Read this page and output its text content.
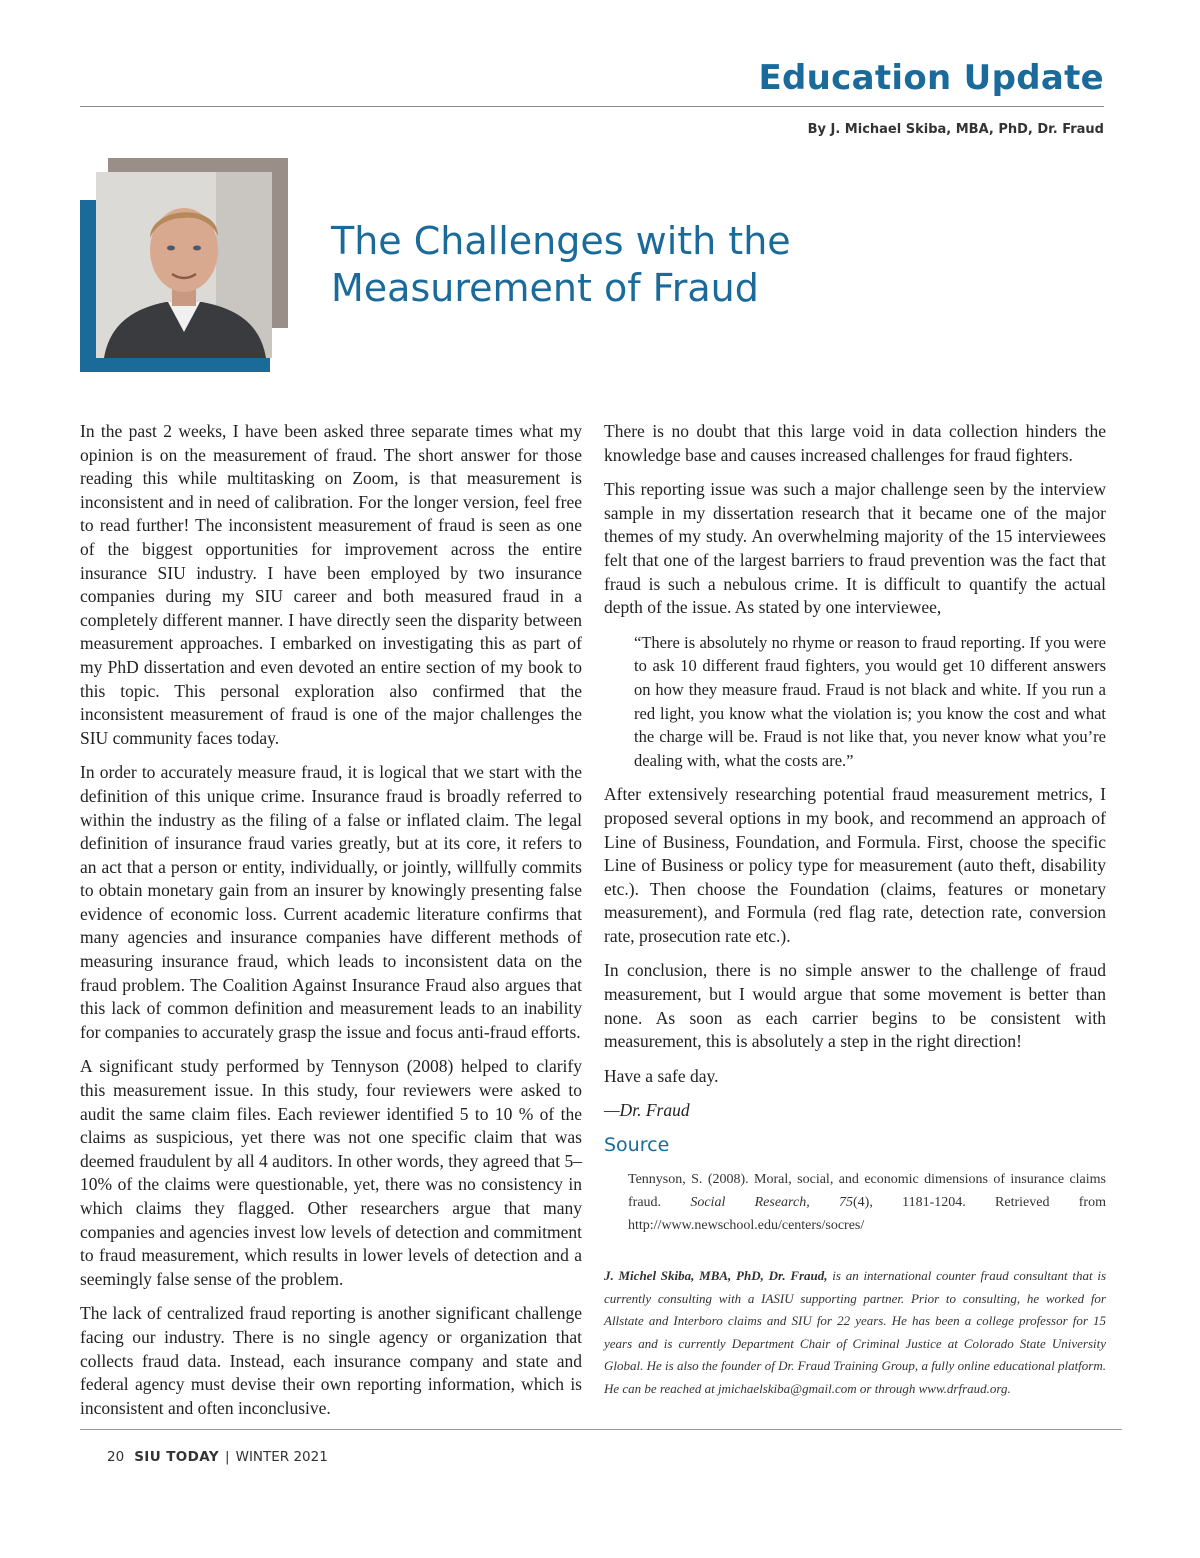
Education Update
By J. Michael Skiba, MBA, PhD, Dr. Fraud
The Challenges with the
Measurement of Fraud

In the past 2 weeks, I have been asked three separate times what my opinion is on the measurement of fraud. The short answer for those reading this while multitasking on Zoom, is that measurement is inconsistent and in need of calibration. For the longer version, feel free to read further! The inconsistent measurement of fraud is seen as one of the biggest opportunities for improvement across the entire insurance SIU industry. I have been employed by two insurance companies during my SIU career and both measured fraud in a completely different manner. I have directly seen the disparity between measurement approaches. I embarked on investigating this as part of my PhD dissertation and even devoted an entire section of my book to this topic. This personal exploration also confirmed that the inconsistent measurement of fraud is one of the major challenges the SIU community faces today.

In order to accurately measure fraud, it is logical that we start with the definition of this unique crime. Insurance fraud is broadly referred to within the industry as the filing of a false or inflated claim. The legal definition of insurance fraud varies greatly, but at its core, it refers to an act that a person or entity, individually, or jointly, willfully commits to obtain monetary gain from an insurer by knowingly presenting false evidence of economic loss. Current academic literature confirms that many agencies and insurance companies have different methods of measuring insurance fraud, which leads to inconsistent data on the fraud problem. The Coalition Against Insurance Fraud also argues that this lack of common definition and measurement leads to an inability for companies to accurately grasp the issue and focus anti-fraud efforts.

A significant study performed by Tennyson (2008) helped to clarify this measurement issue. In this study, four reviewers were asked to audit the same claim files. Each reviewer identified 5 to 10 % of the claims as suspicious, yet there was not one specific claim that was deemed fraudulent by all 4 auditors. In other words, they agreed that 5–10% of the claims were questionable, yet, there was no consistency in which claims they flagged. Other researchers argue that many companies and agencies invest low levels of detection and commitment to fraud measurement, which results in lower levels of detection and a seemingly false sense of the problem.

The lack of centralized fraud reporting is another significant challenge facing our industry. There is no single agency or organization that collects fraud data. Instead, each insurance company and state and federal agency must devise their own reporting information, which is inconsistent and often inconclusive.

There is no doubt that this large void in data collection hinders the knowledge base and causes increased challenges for fraud fighters.

This reporting issue was such a major challenge seen by the interview sample in my dissertation research that it became one of the major themes of my study. An overwhelming majority of the 15 interviewees felt that one of the largest barriers to fraud prevention was the fact that fraud is such a nebulous crime. It is difficult to quantify the actual depth of the issue. As stated by one interviewee,

“There is absolutely no rhyme or reason to fraud reporting. If you were to ask 10 different fraud fighters, you would get 10 different answers on how they measure fraud. Fraud is not black and white. If you run a red light, you know what the violation is; you know the cost and what the charge will be. Fraud is not like that, you never know what you’re dealing with, what the costs are.”

After extensively researching potential fraud measurement metrics, I proposed several options in my book, and recommend an approach of Line of Business, Foundation, and Formula. First, choose the specific Line of Business or policy type for measurement (auto theft, disability etc.). Then choose the Foundation (claims, features or monetary measurement), and Formula (red flag rate, detection rate, conversion rate, prosecution rate etc.).

In conclusion, there is no simple answer to the challenge of fraud measurement, but I would argue that some movement is better than none. As soon as each carrier begins to be consistent with measurement, this is absolutely a step in the right direction!

Have a safe day.

—Dr. Fraud

Source
Tennyson, S. (2008). Moral, social, and economic dimensions of insurance claims fraud. Social Research, 75(4), 1181-1204. Retrieved from http://www.newschool.edu/centers/socres/
J. Michel Skiba, MBA, PhD, Dr. Fraud, is an international counter fraud consultant that is currently consulting with a IASIU supporting partner. Prior to consulting, he worked for Allstate and Interboro claims and SIU for 22 years. He has been a college professor for 15 years and is currently Department Chair of Criminal Justice at Colorado State University Global. He is also the founder of Dr. Fraud Training Group, a fully online educational platform. He can be reached at jmichaelskiba@gmail.com or through www.drfraud.org.
20 SIU TODAY | WINTER 2021
